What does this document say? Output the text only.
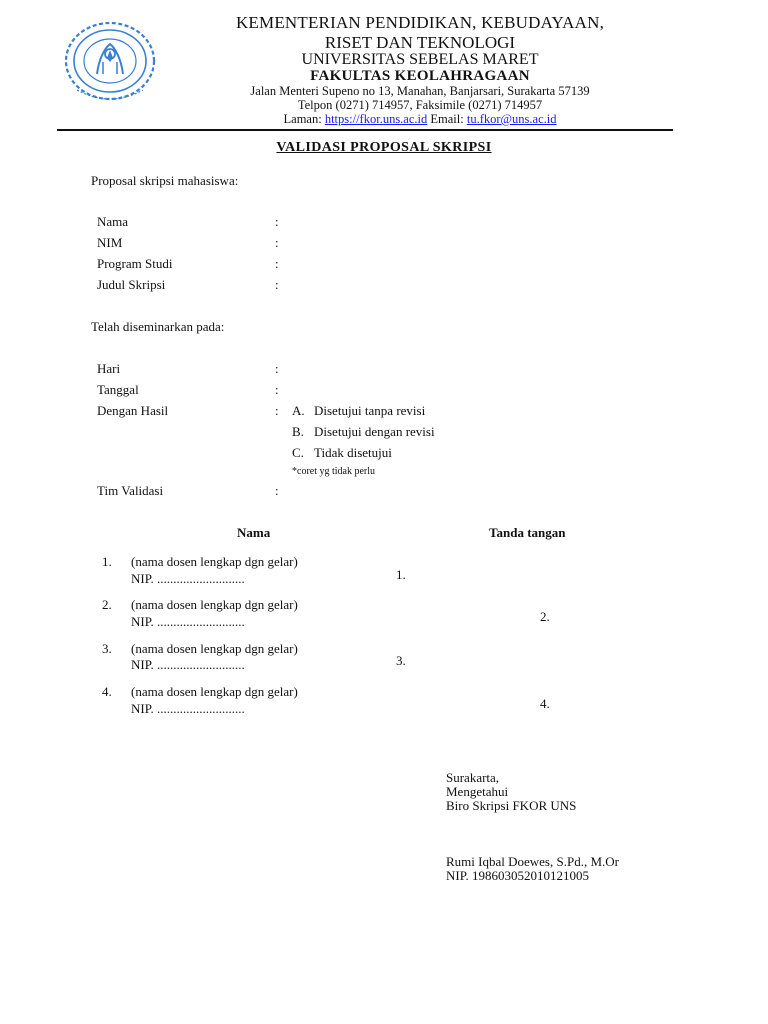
KEMENTERIAN PENDIDIKAN, KEBUDAYAAN,
RISET DAN TEKNOLOGI
UNIVERSITAS SEBELAS MARET
FAKULTAS KEOLAHRAGAAN
Jalan Menteri Supeno no 13, Manahan, Banjarsari, Surakarta 57139
Telpon (0271) 714957, Faksimile (0271) 714957
Laman: https://fkor.uns.ac.id Email: tu.fkor@uns.ac.id
VALIDASI PROPOSAL SKRIPSI
Proposal skripsi mahasiswa:
Nama	:
NIM	:
Program Studi	:
Judul Skripsi	:
Telah diseminarkan pada:
Hari	:
Tanggal	:
Dengan Hasil	: A. Disetujui tanpa revisi
B. Disetujui dengan revisi
C. Tidak disetujui
*coret yg tidak perlu
Tim Validasi	:
Nama	Tanda tangan
1. (nama dosen lengkap dgn gelar)
NIP. ...........................	1.
2. (nama dosen lengkap dgn gelar)
NIP. ...........................	2.
3. (nama dosen lengkap dgn gelar)
NIP. ...........................	3.
4. (nama dosen lengkap dgn gelar)
NIP. ...........................	4.
Surakarta,
Mengetahui
Biro Skripsi FKOR UNS
Rumi Iqbal Doewes, S.Pd., M.Or
NIP. 198603052010121005
